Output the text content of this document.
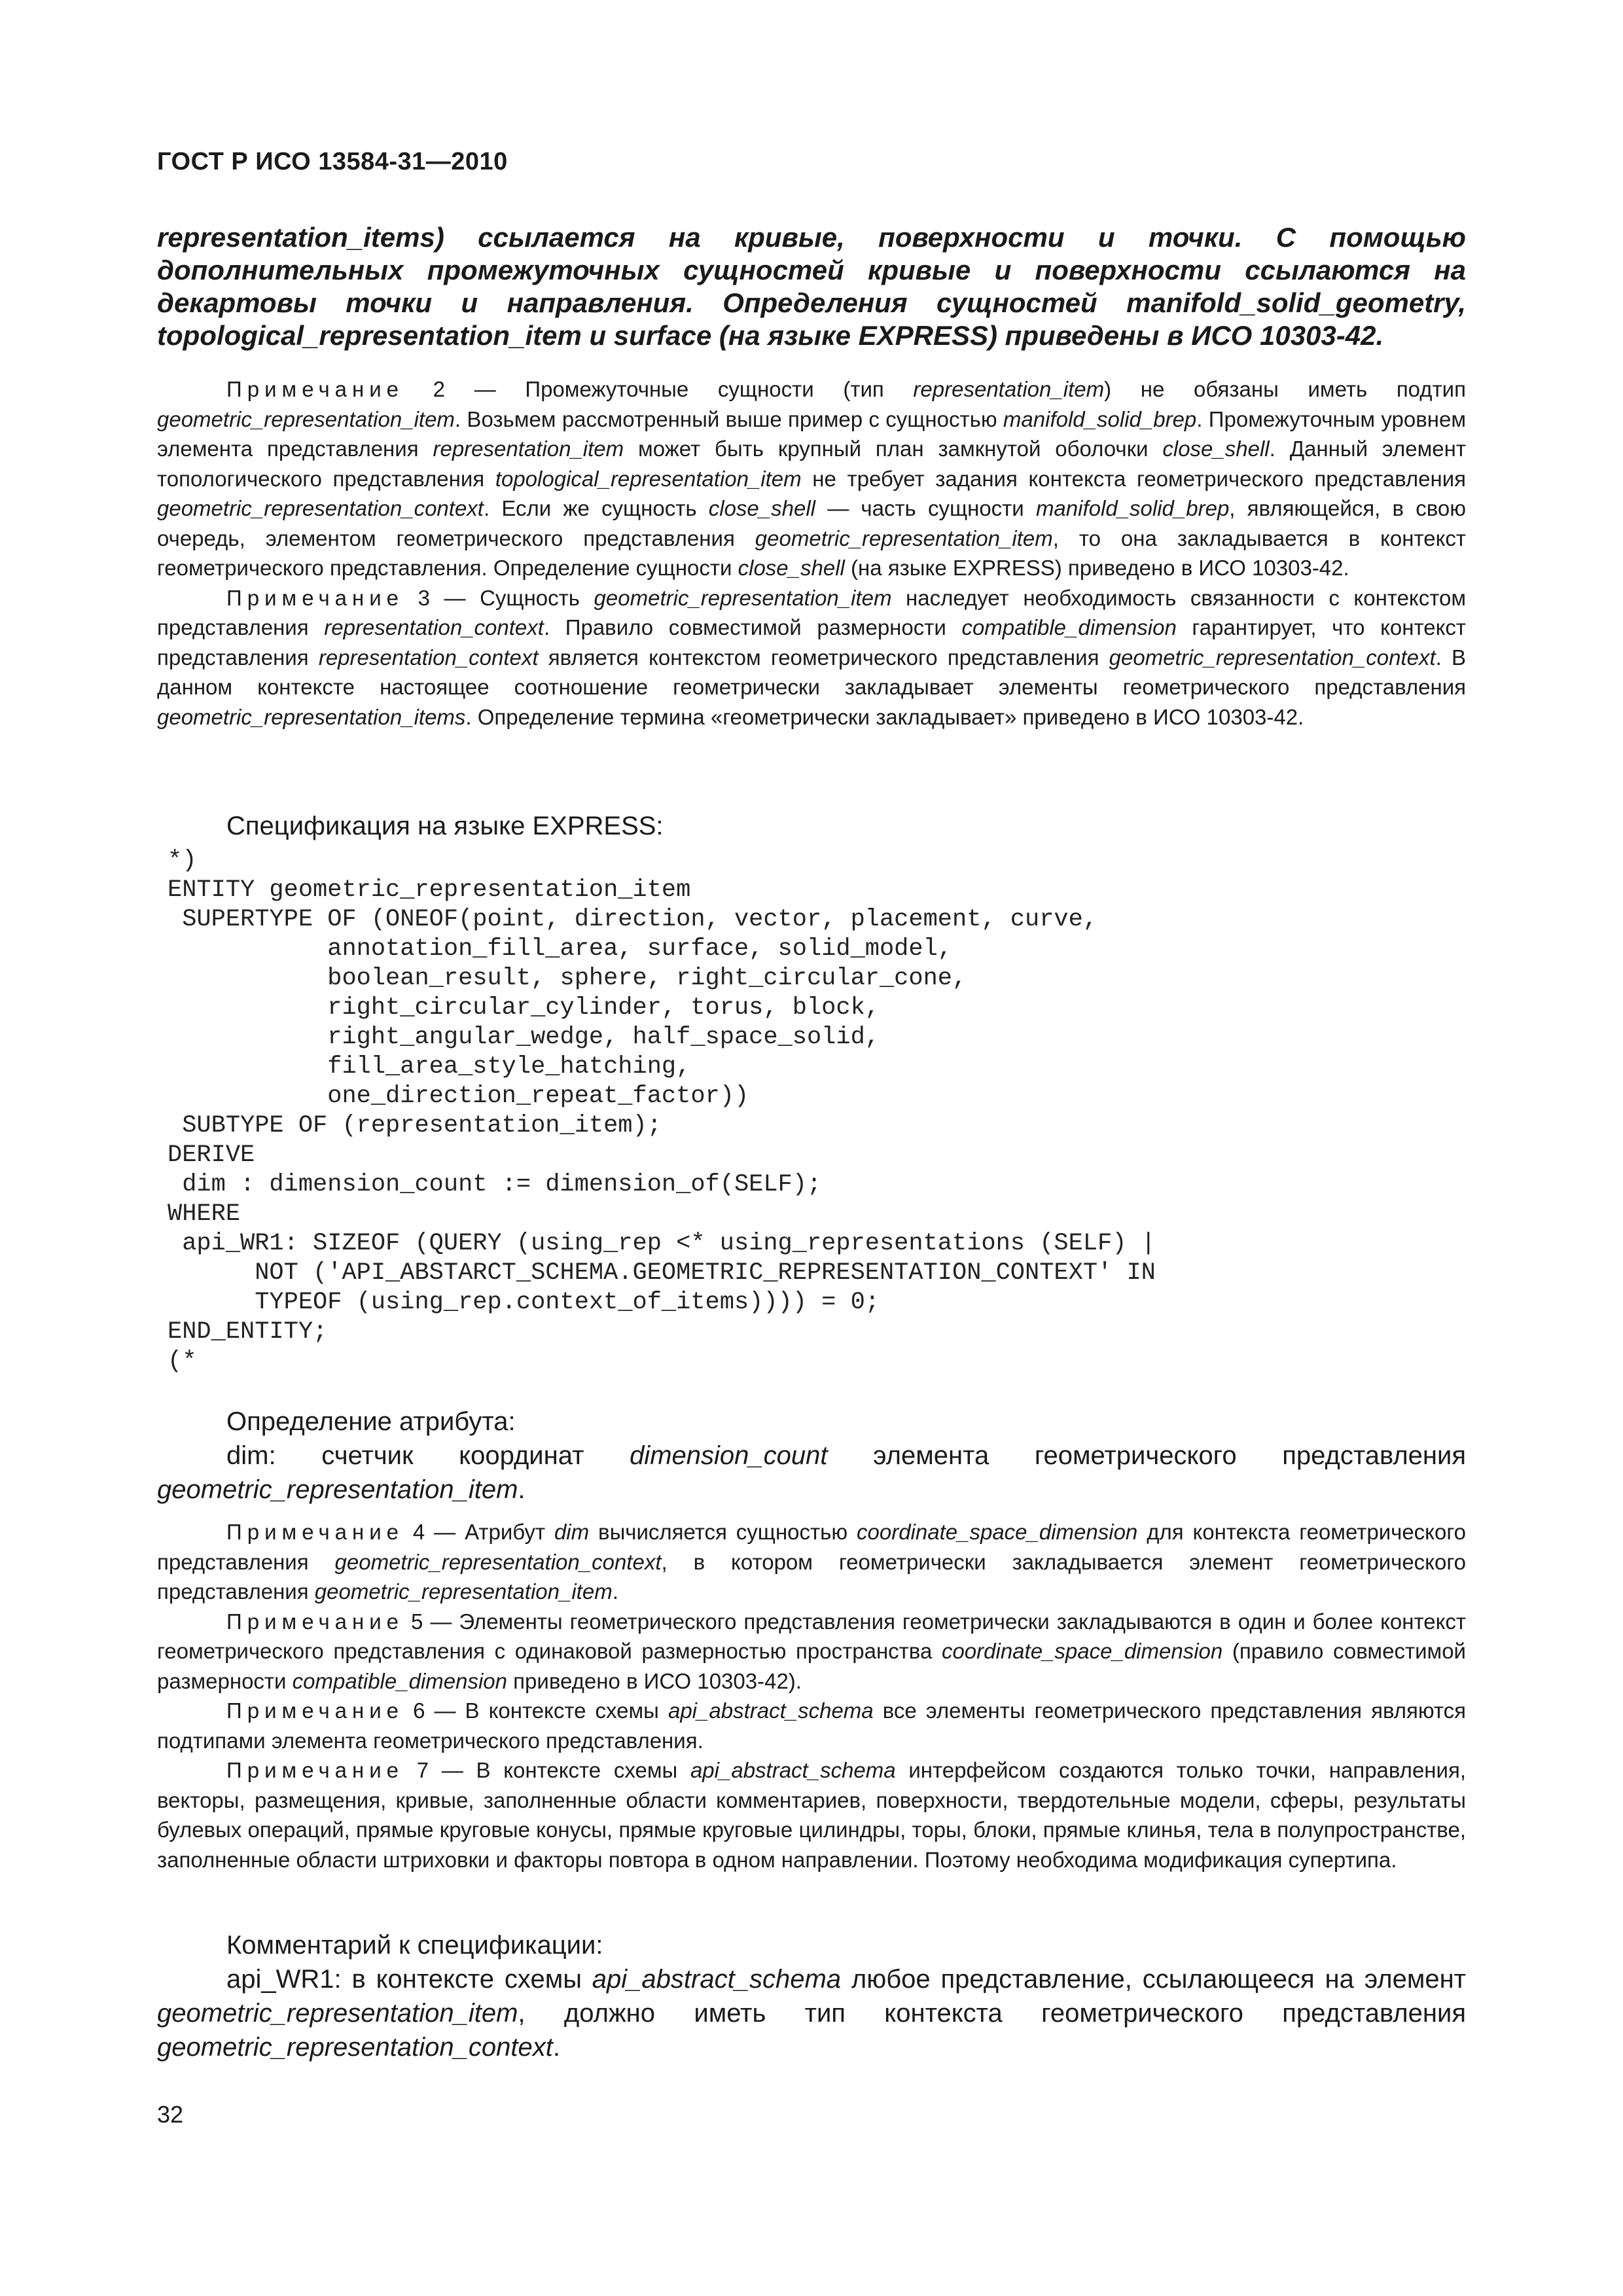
ГОСТ Р ИСО 13584-31—2010
representation_items) ссылается на кривые, поверхности и точки. С помощью дополнительных промежуточных сущностей кривые и поверхности ссылаются на декартовы точки и направления. Определения сущностей manifold_solid_geometry, topological_representation_item и surface (на языке EXPRESS) приведены в ИСО 10303-42.

Примечание 2 — Промежуточные сущности (тип representation_item) не обязаны иметь подтип geometric_representation_item. Возьмем рассмотренный выше пример с сущностью manifold_solid_brep. Промежуточным уровнем элемента представления representation_item может быть крупный план замкнутой оболочки close_shell. Данный элемент топологического представления topological_representation_item не требует задания контекста геометрического представления geometric_representation_context. Если же сущность close_shell — часть сущности manifold_solid_brep, являющейся, в свою очередь, элементом геометрического представления geometric_representation_item, то она закладывается в контекст геометрического представления. Определение сущности close_shell (на языке EXPRESS) приведено в ИСО 10303-42.

Примечание 3 — Сущность geometric_representation_item наследует необходимость связанности с контекстом представления representation_context. Правило совместимой размерности compatible_dimension гарантирует, что контекст представления representation_context является контекстом геометрического представления geometric_representation_context. В данном контексте настоящее соотношение геометрически закладывает элементы геометрического представления geometric_representation_items. Определение термина «геометрически закладывает» приведено в ИСО 10303-42.

Спецификация на языке EXPRESS:
*)
ENTITY geometric_representation_item
SUPERTYPE OF (ONEOF(point, direction, vector, placement, curve,
annotation_fill_area, surface, solid_model,
boolean_result, sphere, right_circular_cone,
right_circular_cylinder, torus, block,
right_angular_wedge, half_space_solid,
fill_area_style_hatching,
one_direction_repeat_factor))
SUBTYPE OF (representation_item);
DERIVE
dim : dimension_count := dimension_of(SELF);
WHERE
api_WR1: SIZEOF (QUERY (using_rep <* using_representations (SELF) |
NOT ('API_ABSTARCT_SCHEMA.GEOMETRIC_REPRESENTATION_CONTEXT' IN
TYPEOF (using_rep.context_of_items)))) = 0;
END_ENTITY;
(*

Определение атрибута:

dim: счетчик координат dimension_count элемента геометрического представления geometric_representation_item.

Примечание 4 — Атрибут dim вычисляется сущностью coordinate_space_dimension для контекста геометрического представления geometric_representation_context, в котором геометрически закладывается элемент геометрического представления geometric_representation_item.

Примечание 5 — Элементы геометрического представления геометрически закладываются в один и более контекст геометрического представления с одинаковой размерностью пространства coordinate_space_dimension (правило совместимой размерности compatible_dimension приведено в ИСО 10303-42).

Примечание 6 — В контексте схемы api_abstract_schema все элементы геометрического представления являются подтипами элемента геометрического представления.

Примечание 7 — В контексте схемы api_abstract_schema интерфейсом создаются только точки, направления, векторы, размещения, кривые, заполненные области комментариев, поверхности, твердотельные модели, сферы, результаты булевых операций, прямые круговые конусы, прямые круговые цилиндры, торы, блоки, прямые клинья, тела в полупространстве, заполненные области штриховки и факторы повтора в одном направлении. Поэтому необходима модификация супертипа.

Комментарий к спецификации:

api_WR1: в контексте схемы api_abstract_schema любое представление, ссылающееся на элемент geometric_representation_item, должно иметь тип контекста геометрического представления geometric_representation_context.

32
